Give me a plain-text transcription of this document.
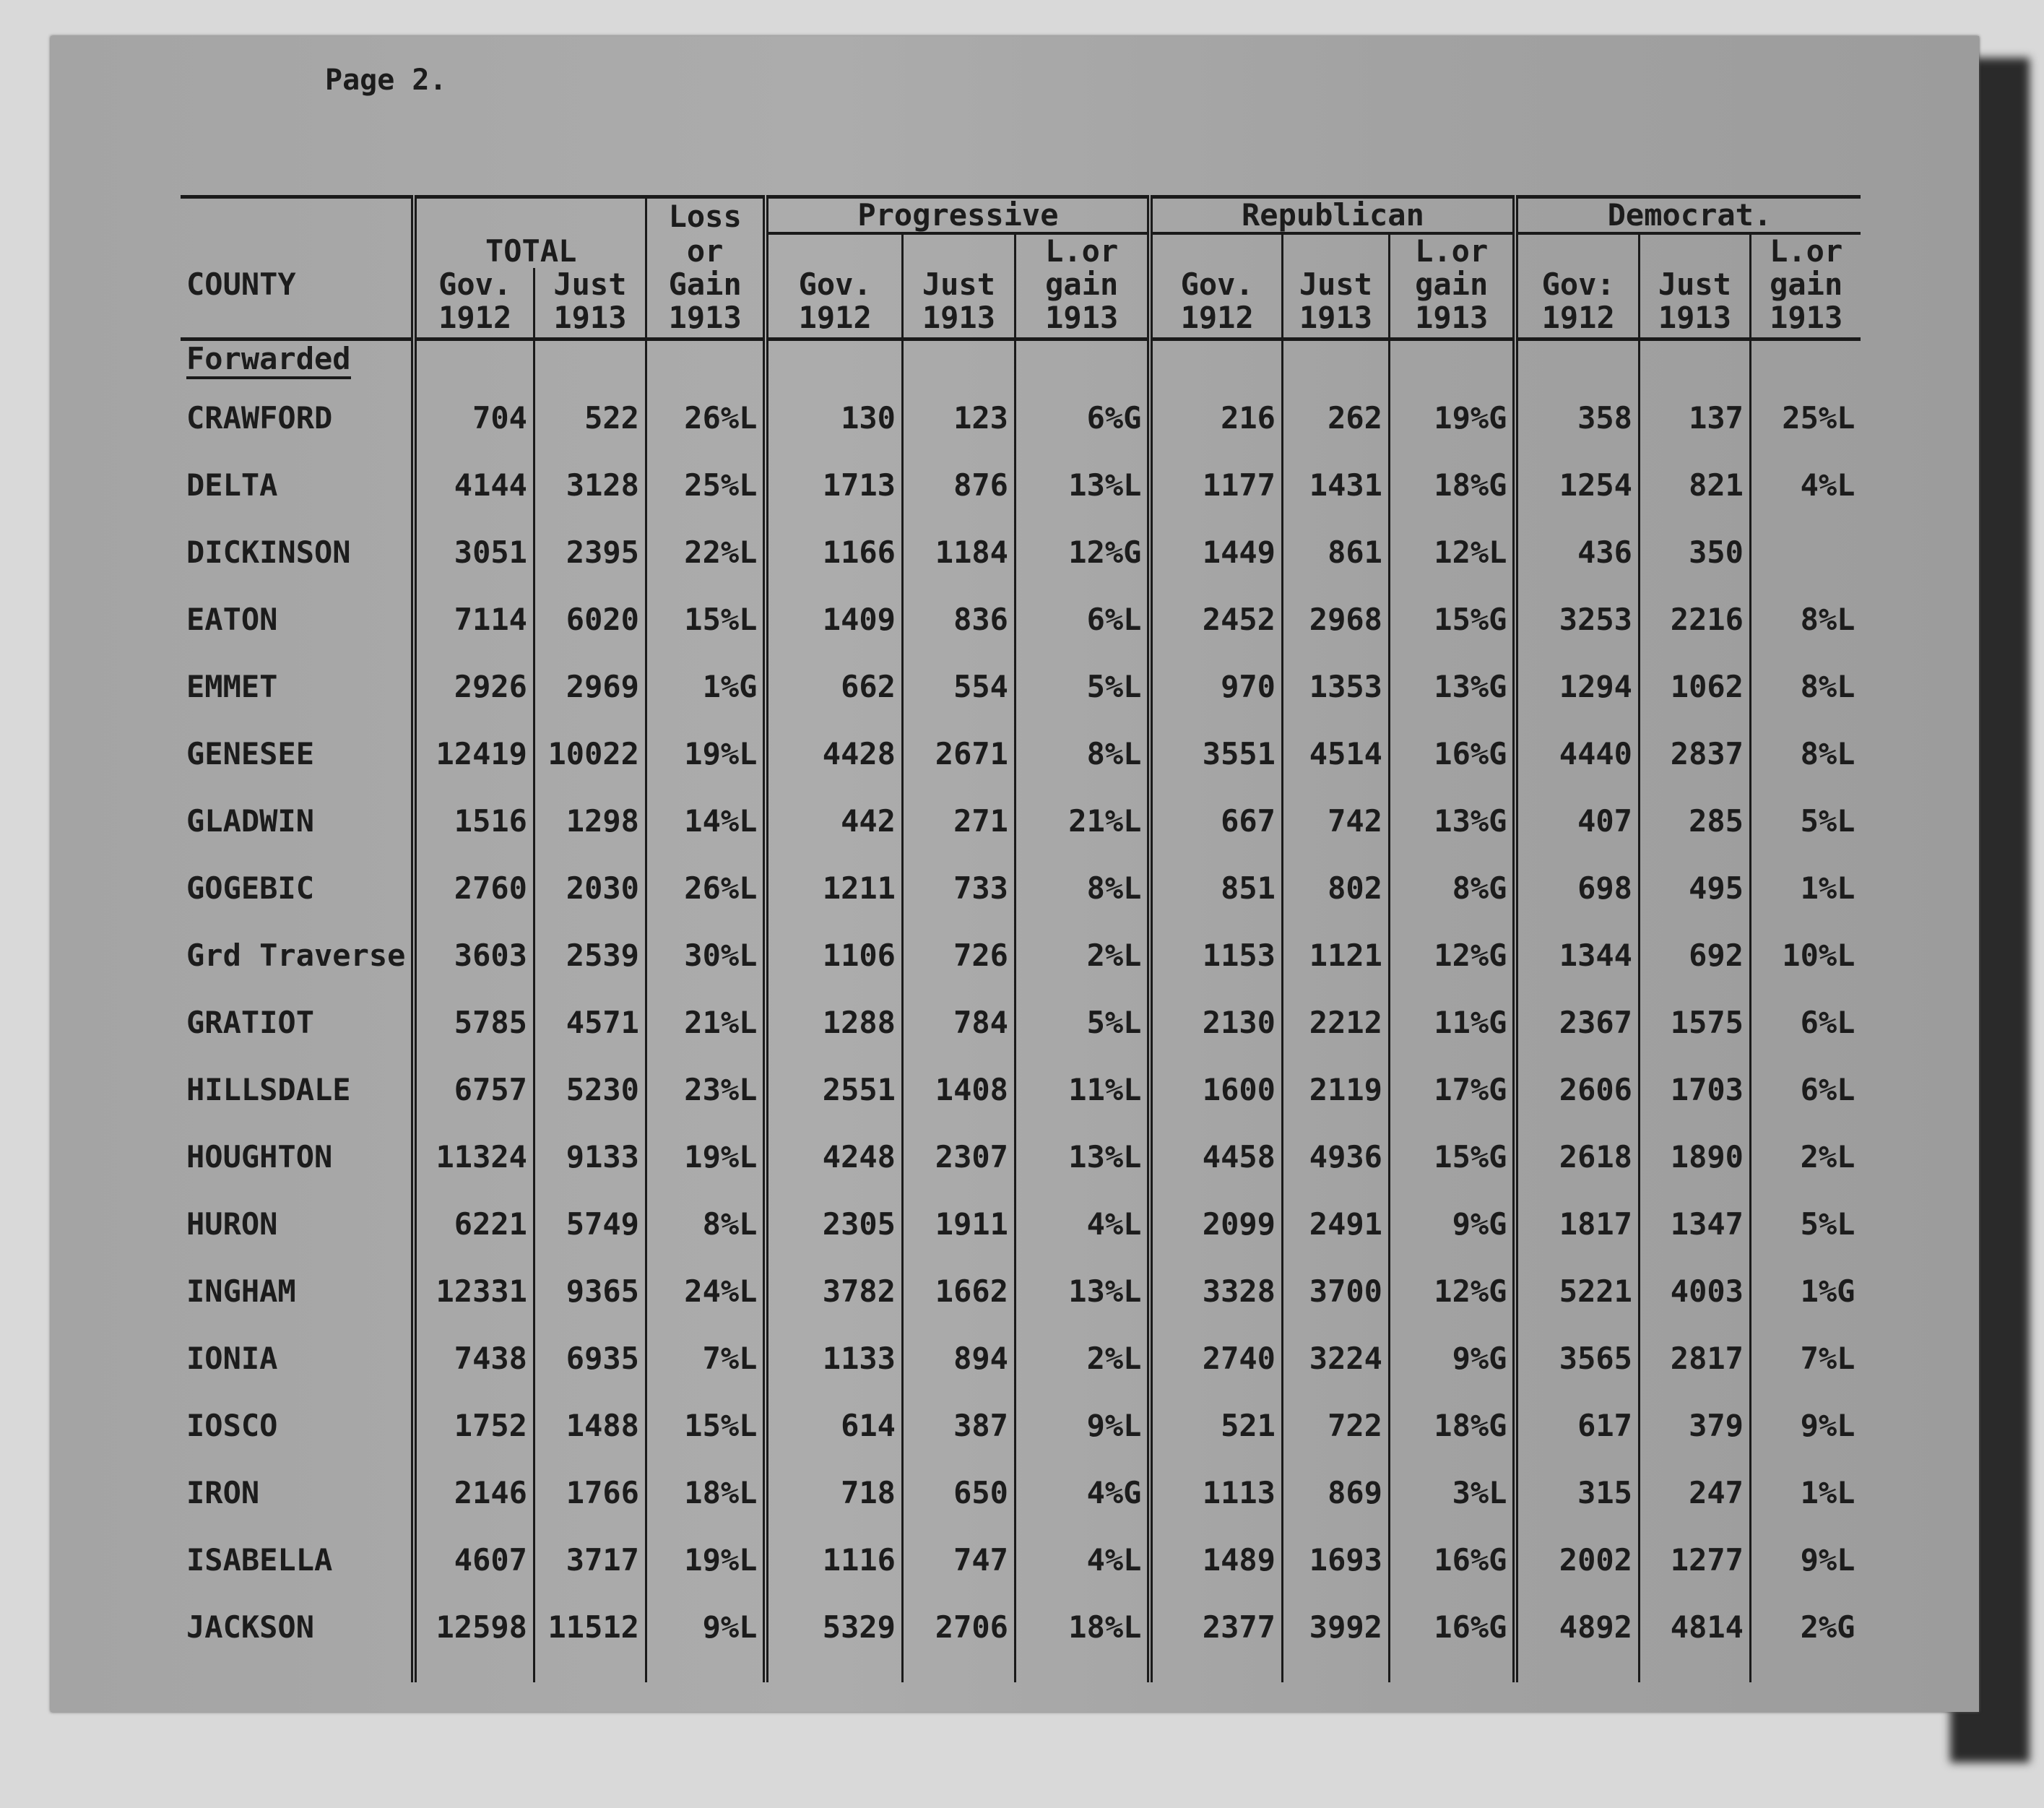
Page 2.
			Loss	Progressive			Republican			Democrat.		
	TOTAL		or			L.or			L.or			L.or
COUNTY	Gov.	Just	Gain	Gov.	Just	gain	Gov.	Just	gain	Gov:	Just	gain
	1912	1913	1913	1912	1913	1913	1912	1913	1913	1912	1913	1913
Forwarded												
CRAWFORD	704	522	26%L	130	123	6%G	216	262	19%G	358	137	25%L
DELTA	4144	3128	25%L	1713	876	13%L	1177	1431	18%G	1254	821	4%L
DICKINSON	3051	2395	22%L	1166	1184	12%G	1449	861	12%L	436	350	
EATON	7114	6020	15%L	1409	836	6%L	2452	2968	15%G	3253	2216	8%L
EMMET	2926	2969	1%G	662	554	5%L	970	1353	13%G	1294	1062	8%L
GENESEE	12419	10022	19%L	4428	2671	8%L	3551	4514	16%G	4440	2837	8%L
GLADWIN	1516	1298	14%L	442	271	21%L	667	742	13%G	407	285	5%L
GOGEBIC	2760	2030	26%L	1211	733	8%L	851	802	8%G	698	495	1%L
Grd Traverse	3603	2539	30%L	1106	726	2%L	1153	1121	12%G	1344	692	10%L
GRATIOT	5785	4571	21%L	1288	784	5%L	2130	2212	11%G	2367	1575	6%L
HILLSDALE	6757	5230	23%L	2551	1408	11%L	1600	2119	17%G	2606	1703	6%L
HOUGHTON	11324	9133	19%L	4248	2307	13%L	4458	4936	15%G	2618	1890	2%L
HURON	6221	5749	8%L	2305	1911	4%L	2099	2491	9%G	1817	1347	5%L
INGHAM	12331	9365	24%L	3782	1662	13%L	3328	3700	12%G	5221	4003	1%G
IONIA	7438	6935	7%L	1133	894	2%L	2740	3224	9%G	3565	2817	7%L
IOSCO	1752	1488	15%L	614	387	9%L	521	722	18%G	617	379	9%L
IRON	2146	1766	18%L	718	650	4%G	1113	869	3%L	315	247	1%L
ISABELLA	4607	3717	19%L	1116	747	4%L	1489	1693	16%G	2002	1277	9%L
JACKSON	12598	11512	9%L	5329	2706	18%L	2377	3992	16%G	4892	4814	2%G
